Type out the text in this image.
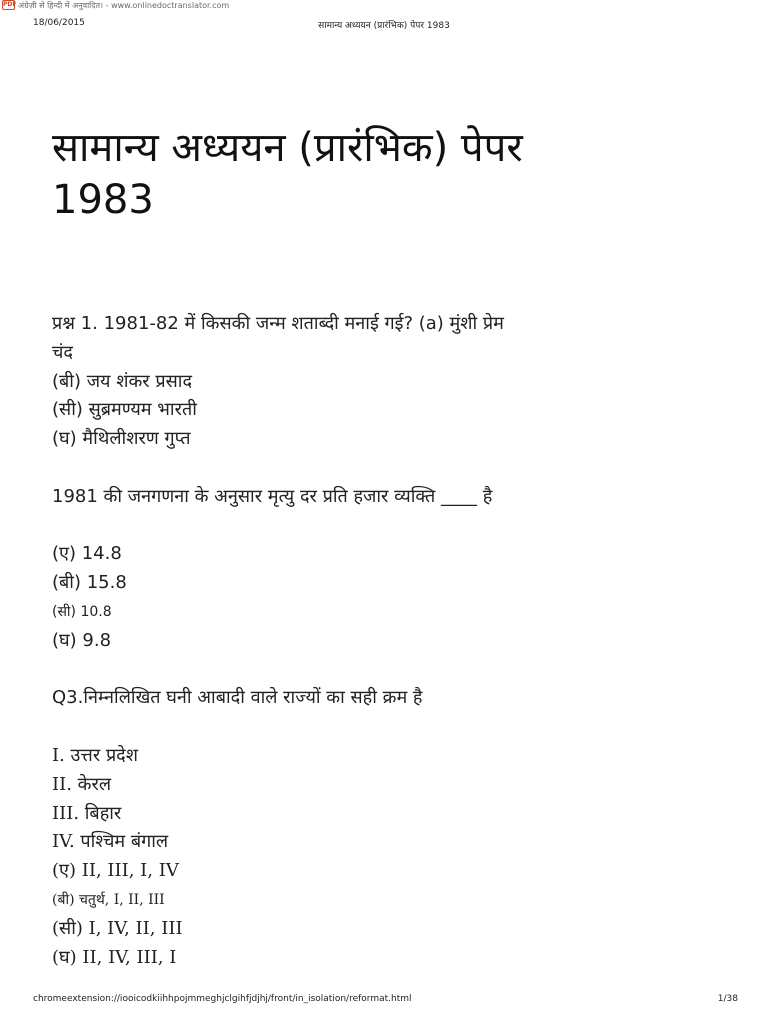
PDF अंग्रेज़ी से हिन्दी में अनुवादित। - www.onlinedoctranslator.com
18/06/2015	सामान्य अध्ययन (प्रारंभिक) पेपर 1983
सामान्य अध्ययन (प्रारंभिक) पेपर
1983
प्रश्न 1. 1981-82 में किसकी जन्म शताब्दी मनाई गई? (a) मुंशी प्रेम
चंद
(बी) जय शंकर प्रसाद
(सी) सुब्रमण्यम भारती
(घ) मैथिलीशरण गुप्त
1981 की जनगणना के अनुसार मृत्यु दर प्रति हजार व्यक्ति ____ है
(ए) 14.8
(बी) 15.8
(सी) 10.8
(घ) 9.8
Q3.निम्नलिखित घनी आबादी वाले राज्यों का सही क्रम है
I. उत्तर प्रदेश
II. केरल
III. बिहार
IV. पश्चिम बंगाल
(ए) II, III, I, IV
(बी) चतुर्थ, I, II, III
(सी) I, IV, II, III
(घ) II, IV, III, I
chromeextension://iooicodkiihhpojmmeghjclgihfjdjhj/front/in_isolation/reformat.html	1/38
